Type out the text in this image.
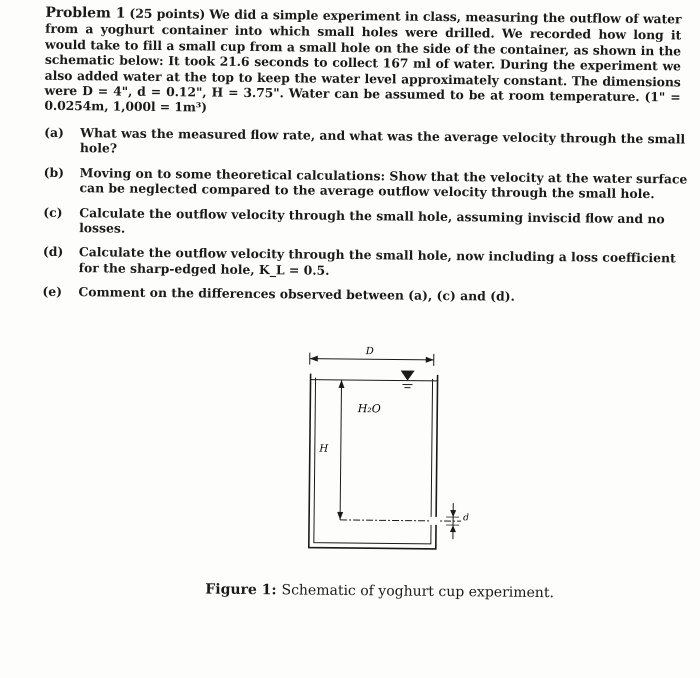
Problem 1 (25 points) We did a simple experiment in class, measuring the outflow of water from a yoghurt container into which small holes were drilled. We recorded how long it would take to fill a small cup from a small hole on the side of the container, as shown in the schematic below: It took 21.6 seconds to collect 167 ml of water. During the experiment we also added water at the top to keep the water level approximately constant. The dimensions were D = 4", d = 0.12", H = 3.75". Water can be assumed to be at room temperature. (1" = 0.0254m, 1,000l = 1m³)
(a)	What was the measured flow rate, and what was the average velocity through the small hole?
(b)	Moving on to some theoretical calculations: Show that the velocity at the water surface can be neglected compared to the average outflow velocity through the small hole.
(c)	Calculate the outflow velocity through the small hole, assuming inviscid flow and no losses.
(d)	Calculate the outflow velocity through the small hole, now including a loss coefficient for the sharp-edged hole, K_L = 0.5.
(e)	Comment on the differences observed between (a), (c) and (d).
D
H₂O
H
d
Figure 1: Schematic of yoghurt cup experiment.
